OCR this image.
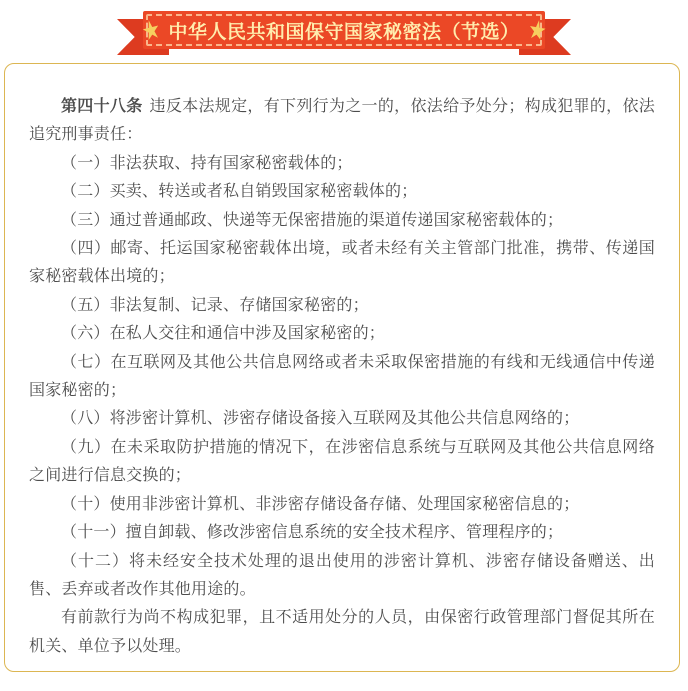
中华人民共和国保守国家秘密法（节选）

第四十八条 违反本法规定，有下列行为之一的，依法给予处分；构成犯罪的，依法追究刑事责任：

（一）非法获取、持有国家秘密载体的；

（二）买卖、转送或者私自销毁国家秘密载体的；

（三）通过普通邮政、快递等无保密措施的渠道传递国家秘密载体的；

（四）邮寄、托运国家秘密载体出境，或者未经有关主管部门批准，携带、传递国家秘密载体出境的；

（五）非法复制、记录、存储国家秘密的；

（六）在私人交往和通信中涉及国家秘密的；

（七）在互联网及其他公共信息网络或者未采取保密措施的有线和无线通信中传递国家秘密的；

（八）将涉密计算机、涉密存储设备接入互联网及其他公共信息网络的；

（九）在未采取防护措施的情况下，在涉密信息系统与互联网及其他公共信息网络之间进行信息交换的；

（十）使用非涉密计算机、非涉密存储设备存储、处理国家秘密信息的；

（十一）擅自卸载、修改涉密信息系统的安全技术程序、管理程序的；

（十二）将未经安全技术处理的退出使用的涉密计算机、涉密存储设备赠送、出售、丢弃或者改作其他用途的。

有前款行为尚不构成犯罪，且不适用处分的人员，由保密行政管理部门督促其所在机关、单位予以处理。
